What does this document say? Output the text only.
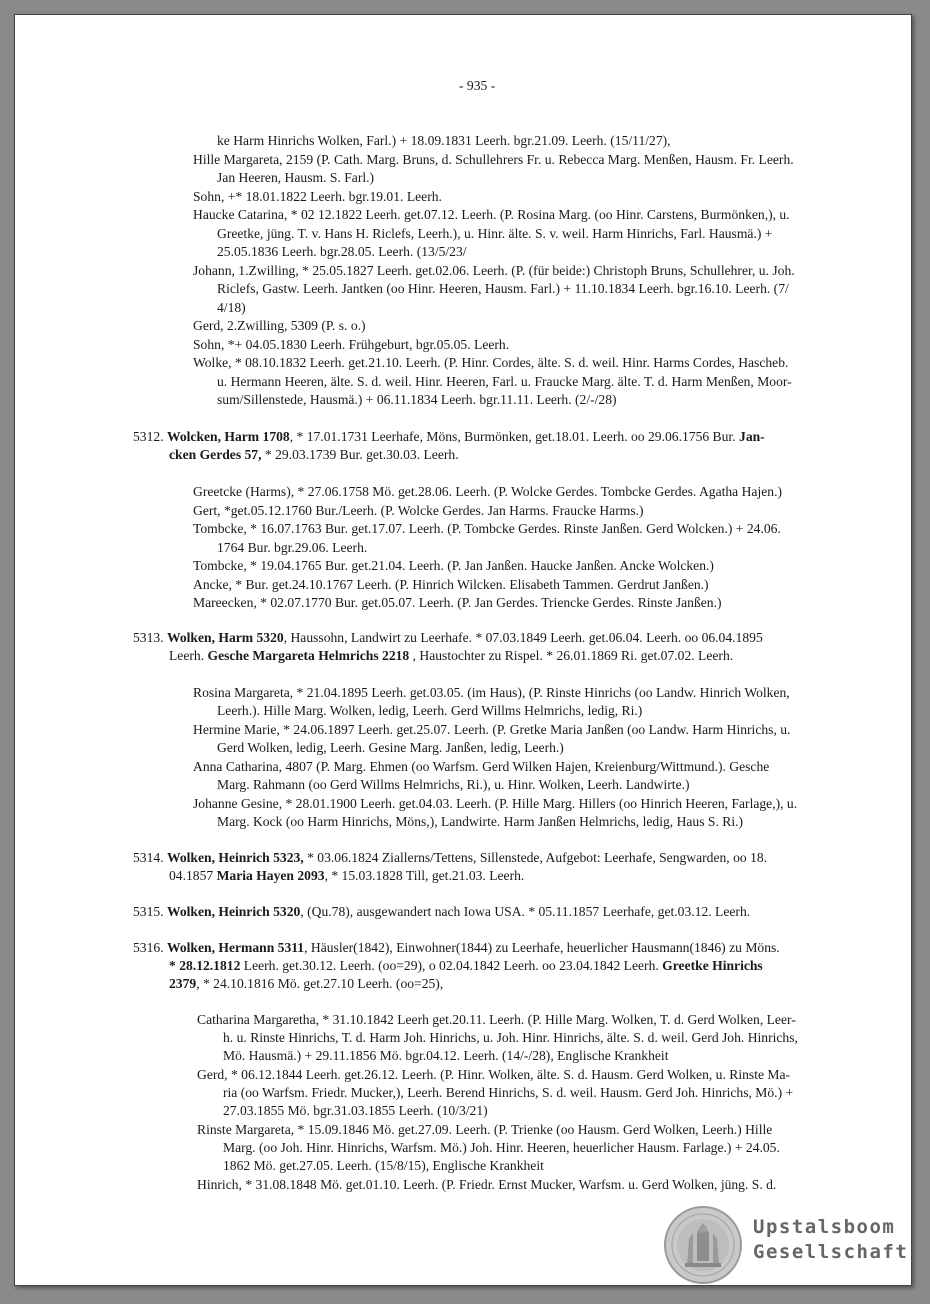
- 935 -

ke Harm Hinrichs Wolken, Farl.) + 18.09.1831 Leerh. bgr.21.09. Leerh. (15/11/27),

Hille Margareta, 2159 (P. Cath. Marg. Bruns, d. Schullehrers Fr. u. Rebecca Marg. Menßen, Hausm. Fr. Leerh.

Jan Heeren, Hausm. S. Farl.)

Sohn, +* 18.01.1822 Leerh. bgr.19.01. Leerh.

Haucke Catarina, * 02 12.1822 Leerh. get.07.12. Leerh. (P. Rosina Marg. (oo Hinr. Carstens, Burmönken,), u.

Greetke, jüng. T. v. Hans H. Riclefs, Leerh.), u. Hinr. älte. S. v. weil. Harm Hinrichs, Farl. Hausmä.) +

25.05.1836 Leerh. bgr.28.05. Leerh. (13/5/23/

Johann, 1.Zwilling, * 25.05.1827 Leerh. get.02.06. Leerh. (P. (für beide:) Christoph Bruns, Schullehrer, u. Joh.

Riclefs, Gastw. Leerh. Jantken (oo Hinr. Heeren, Hausm. Farl.) + 11.10.1834 Leerh. bgr.16.10. Leerh. (7/

4/18)

Gerd, 2.Zwilling, 5309 (P. s. o.)

Sohn, *+ 04.05.1830 Leerh. Frühgeburt, bgr.05.05. Leerh.

Wolke, * 08.10.1832 Leerh. get.21.10. Leerh. (P. Hinr. Cordes, älte. S. d. weil. Hinr. Harms Cordes, Hascheb.

u. Hermann Heeren, älte. S. d. weil. Hinr. Heeren, Farl. u. Fraucke Marg. älte. T. d. Harm Menßen, Moor-

sum/Sillenstede, Hausmä.) + 06.11.1834 Leerh. bgr.11.11. Leerh. (2/-/28)

5312. Wolcken, Harm 1708, * 17.01.1731 Leerhafe, Möns, Burmönken, get.18.01. Leerh. oo 29.06.1756 Bur. Jan-

cken Gerdes 57, * 29.03.1739 Bur. get.30.03. Leerh.

Greetcke (Harms), * 27.06.1758 Mö. get.28.06. Leerh. (P. Wolcke Gerdes. Tombcke Gerdes. Agatha Hajen.)

Gert, *get.05.12.1760 Bur./Leerh. (P. Wolcke Gerdes. Jan Harms. Fraucke Harms.)

Tombcke, * 16.07.1763 Bur. get.17.07. Leerh. (P. Tombcke Gerdes. Rinste Janßen. Gerd Wolcken.) + 24.06.

1764 Bur. bgr.29.06. Leerh.

Tombcke, * 19.04.1765 Bur. get.21.04. Leerh. (P. Jan Janßen. Haucke Janßen. Ancke Wolcken.)

Ancke, * Bur. get.24.10.1767 Leerh. (P. Hinrich Wilcken. Elisabeth Tammen. Gerdrut Janßen.)

Mareecken, * 02.07.1770 Bur. get.05.07. Leerh. (P. Jan Gerdes. Triencke Gerdes. Rinste Janßen.)

5313. Wolken, Harm 5320, Haussohn, Landwirt zu Leerhafe. * 07.03.1849 Leerh. get.06.04. Leerh. oo 06.04.1895

Leerh. Gesche Margareta Helmrichs 2218 , Haustochter zu Rispel. * 26.01.1869 Ri. get.07.02. Leerh.

Rosina Margareta, * 21.04.1895 Leerh. get.03.05. (im Haus), (P. Rinste Hinrichs (oo Landw. Hinrich Wolken,

Leerh.). Hille Marg. Wolken, ledig, Leerh. Gerd Willms Helmrichs, ledig, Ri.)

Hermine Marie, * 24.06.1897 Leerh. get.25.07. Leerh. (P. Gretke Maria Janßen (oo Landw. Harm Hinrichs, u.

Gerd Wolken, ledig, Leerh. Gesine Marg. Janßen, ledig, Leerh.)

Anna Catharina, 4807 (P. Marg. Ehmen (oo Warfsm. Gerd Wilken Hajen, Kreienburg/Wittmund.). Gesche

Marg. Rahmann (oo Gerd Willms Helmrichs, Ri.), u. Hinr. Wolken, Leerh. Landwirte.)

Johanne Gesine, * 28.01.1900 Leerh. get.04.03. Leerh. (P. Hille Marg. Hillers (oo Hinrich Heeren, Farlage,), u.

Marg. Kock (oo Harm Hinrichs, Möns,), Landwirte. Harm Janßen Helmrichs, ledig, Haus S. Ri.)

5314. Wolken, Heinrich 5323, * 03.06.1824 Ziallerns/Tettens, Sillenstede, Aufgebot: Leerhafe, Sengwarden, oo 18.

04.1857 Maria Hayen 2093, * 15.03.1828 Till, get.21.03. Leerh.

5315. Wolken, Heinrich 5320, (Qu.78), ausgewandert nach Iowa USA. * 05.11.1857 Leerhafe, get.03.12. Leerh.

5316. Wolken, Hermann 5311, Häusler(1842), Einwohner(1844) zu Leerhafe, heuerlicher Hausmann(1846) zu Möns.

* 28.12.1812 Leerh. get.30.12. Leerh. (oo=29), o 02.04.1842 Leerh. oo 23.04.1842 Leerh. Greetke Hinrichs

2379, * 24.10.1816 Mö. get.27.10 Leerh. (oo=25),

Catharina Margaretha, * 31.10.1842 Leerh get.20.11. Leerh. (P. Hille Marg. Wolken, T. d. Gerd Wolken, Leer-

h. u. Rinste Hinrichs, T. d. Harm Joh. Hinrichs, u. Joh. Hinr. Hinrichs, älte. S. d. weil. Gerd Joh. Hinrichs,

Mö. Hausmä.) + 29.11.1856 Mö. bgr.04.12. Leerh. (14/-/28), Englische Krankheit

Gerd, * 06.12.1844 Leerh. get.26.12. Leerh. (P. Hinr. Wolken, älte. S. d. Hausm. Gerd Wolken, u. Rinste Ma-

ria (oo Warfsm. Friedr. Mucker,), Leerh. Berend Hinrichs, S. d. weil. Hausm. Gerd Joh. Hinrichs, Mö.) +

27.03.1855 Mö. bgr.31.03.1855 Leerh. (10/3/21)

Rinste Margareta, * 15.09.1846 Mö. get.27.09. Leerh. (P. Trienke (oo Hausm. Gerd Wolken, Leerh.) Hille

Marg. (oo Joh. Hinr. Hinrichs, Warfsm. Mö.) Joh. Hinr. Heeren, heuerlicher Hausm. Farlage.) + 24.05.

1862 Mö. get.27.05. Leerh. (15/8/15), Englische Krankheit

Hinrich, * 31.08.1848 Mö. get.01.10. Leerh. (P. Friedr. Ernst Mucker, Warfsm. u. Gerd Wolken, jüng. S. d.

Upstalsboom
Gesellschaft
